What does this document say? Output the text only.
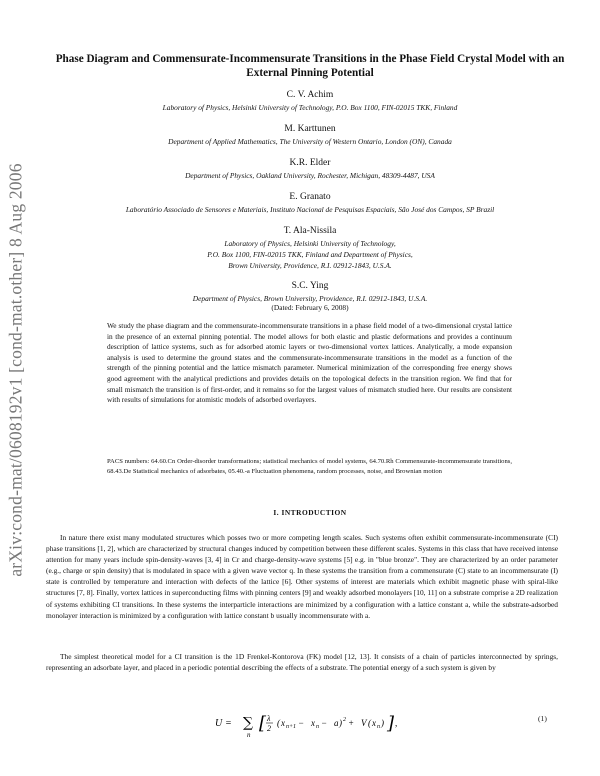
arXiv:cond-mat/0608192v1 [cond-mat.other] 8 Aug 2006
Phase Diagram and Commensurate-Incommensurate Transitions in the Phase Field Crystal Model with an External Pinning Potential
C. V. Achim
Laboratory of Physics, Helsinki University of Technology, P.O. Box 1100, FIN-02015 TKK, Finland
M. Karttunen
Department of Applied Mathematics, The University of Western Ontario, London (ON), Canada
K.R. Elder
Department of Physics, Oakland University, Rochester, Michigan, 48309-4487, USA
E. Granato
Laboratório Associado de Sensores e Materiais, Instituto Nacional de Pesquisas Espaciais, São José dos Campos, SP Brazil
T. Ala-Nissila
Laboratory of Physics, Helsinki University of Technology,
P.O. Box 1100, FIN-02015 TKK, Finland and Department of Physics,
Brown University, Providence, R.I. 02912-1843, U.S.A.
S.C. Ying
Department of Physics, Brown University, Providence, R.I. 02912-1843, U.S.A.
(Dated: February 6, 2008)
We study the phase diagram and the commensurate-incommensurate transitions in a phase field model of a two-dimensional crystal lattice in the presence of an external pinning potential. The model allows for both elastic and plastic deformations and provides a continuum description of lattice systems, such as for adsorbed atomic layers or two-dimensional vortex lattices. Analytically, a mode expansion analysis is used to determine the ground states and the commensurate-incommensurate transitions in the model as a function of the strength of the pinning potential and the lattice mismatch parameter. Numerical minimization of the corresponding free energy shows good agreement with the analytical predictions and provides details on the topological defects in the transition region. We find that for small mismatch the transition is of first-order, and it remains so for the largest values of mismatch studied here. Our results are consistent with results of simulations for atomistic models of adsorbed overlayers.
PACS numbers: 64.60.Cn Order-disorder transformations; statistical mechanics of model systems, 64.70.Rh Commensurate-incommensurate transitions, 68.43.De Statistical mechanics of adsorbates, 05.40.-a Fluctuation phenomena, random processes, noise, and Brownian motion
I. INTRODUCTION
In nature there exist many modulated structures which posses two or more competing length scales. Such systems often exhibit commensurate-incommensurate (CI) phase transitions [1, 2], which are characterized by structural changes induced by competition between these different scales. Systems in this class that have received intense attention for many years include spin-density-waves [3, 4] in Cr and charge-density-wave systems [5] e.g. in "blue bronze". They are characterized by an order parameter (e.g., charge or spin density) that is modulated in space with a given wave vector q. In these systems the transition from a commensurate (C) state to an incommensurate (I) state is controlled by temperature and interaction with defects of the lattice [6]. Other systems of interest are materials which exhibit magnetic phase with spiral-like structures [7, 8]. Finally, vortex lattices in superconducting films with pinning centers [9] and weakly adsorbed monolayers [10, 11] on a substrate comprise a 2D realization of systems exhibiting CI transitions. In these systems the interparticle interactions are minimized by a configuration with a lattice constant a, while the substrate-adsorbed monolayer interaction is minimized by a configuration with lattice constant b usually incommensurate with a.
The simplest theoretical model for a CI transition is the 1D Frenkel-Kontorova (FK) model [12, 13]. It consists of a chain of particles interconnected by springs, representing an adsorbate layer, and placed in a periodic potential describing the effects of a substrate. The potential energy of a such system is given by
U = ∑
n
[ λ
2
( x n+1 − x n − a ) 2 + V ( x n ) ] ,	(1)
